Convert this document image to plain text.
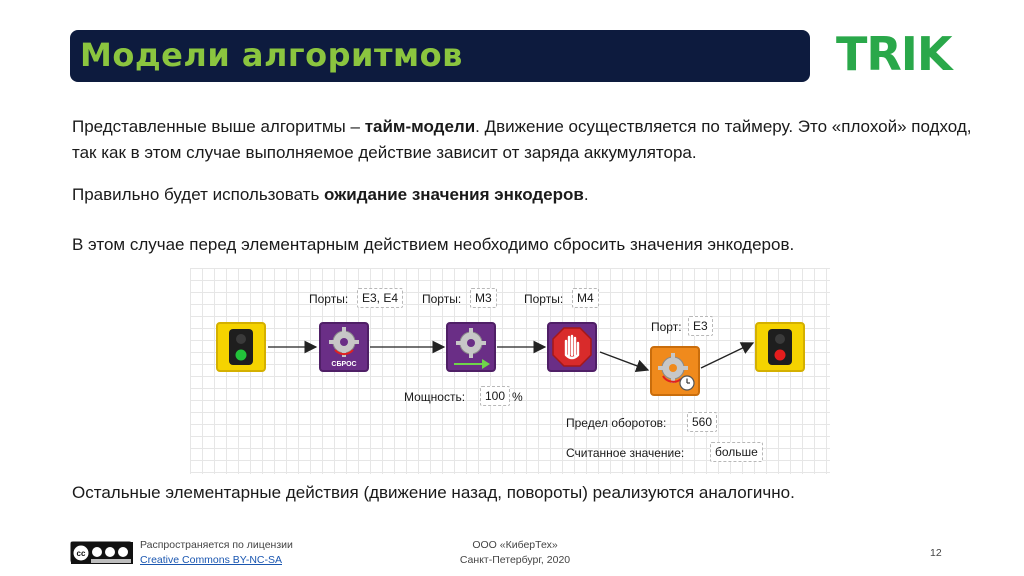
Модели алгоритмов	TRIK
Представленные выше алгоритмы – тайм-модели. Движение осуществляется по таймеру. Это «плохой» подход, так как в этом случае выполняемое действие зависит от заряда аккумулятора.
Правильно будет использовать ожидание значения энкодеров.
В этом случае перед элементарным действием необходимо сбросить значения энкодеров.
СБРОС
Порты:	E3, E4	Порты:	M3	Порты:	M4
Порт: E3
Мощность:	100 %
Предел оборотов:	560
Считанное значение:	больше
Остальные элементарные действия (движение назад, повороты) реализуются аналогично.
cc
Распространяется по лицензии
Creative Commons BY-NC-SA
ООО «КиберТех»
Санкт-Петербург, 2020
12
